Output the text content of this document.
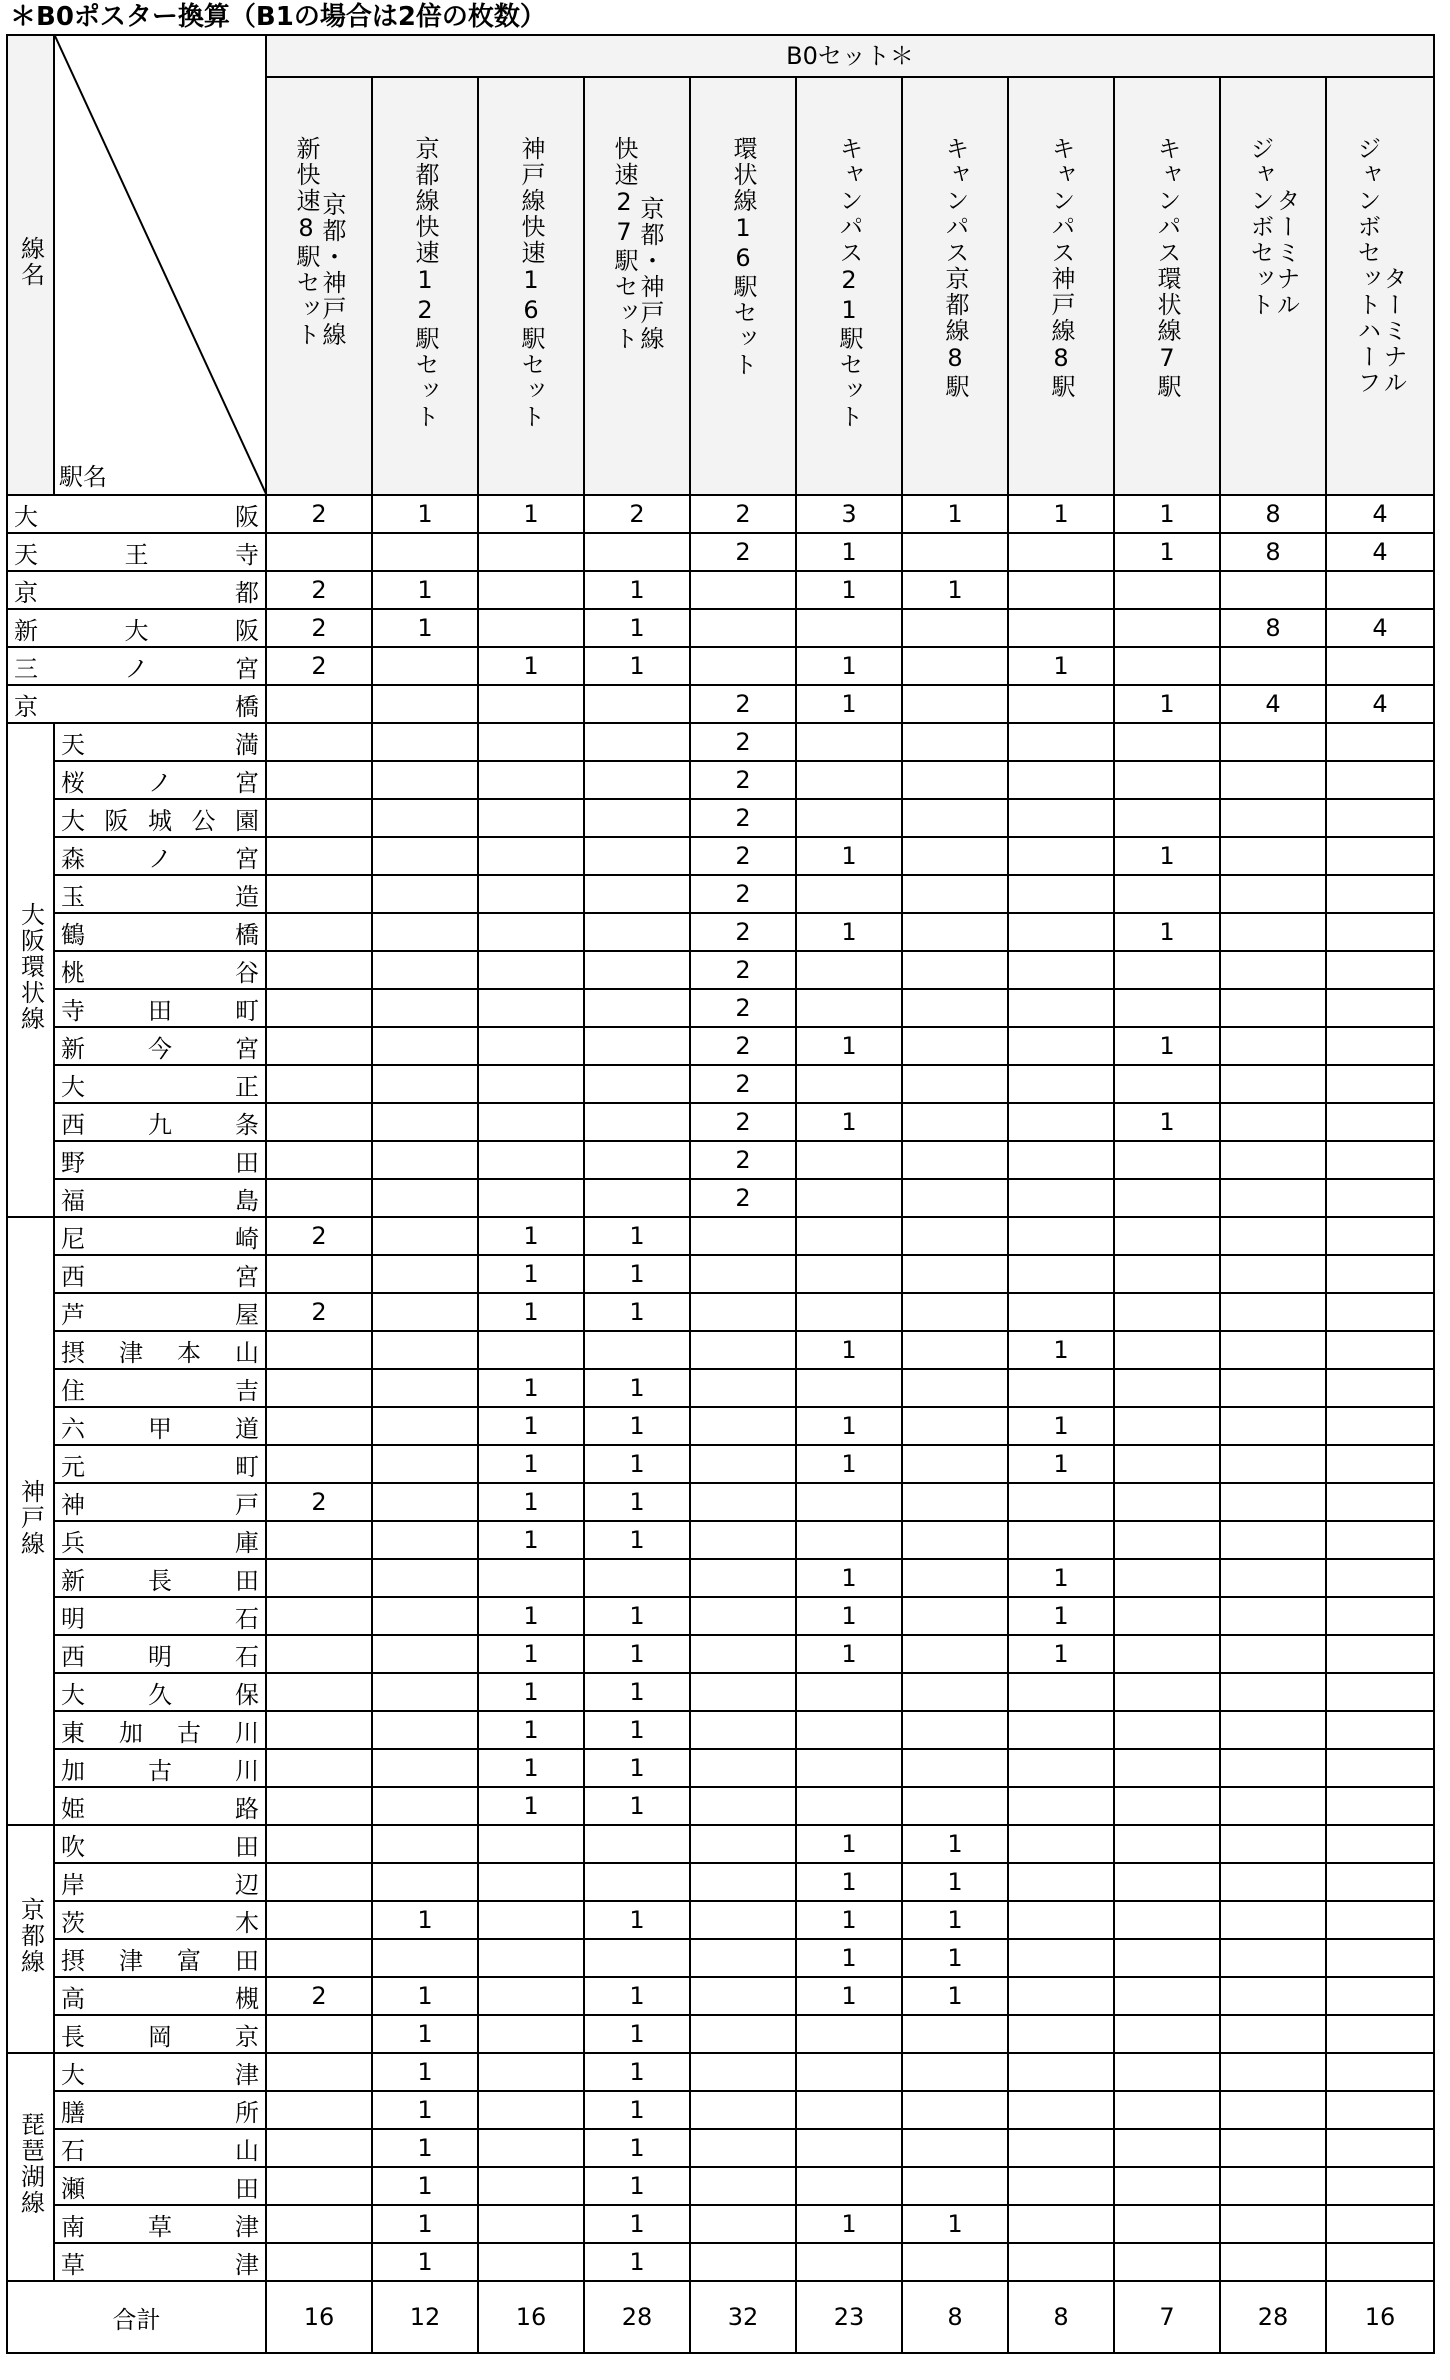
＊B0ポスター換算（B1の場合は2倍の枚数）
線名	駅名	B0セット＊										
		新快速8駅セット京都・神戸線	京都線快速12駅セット	神戸線快速16駅セット	快速27駅セット京都・神戸線	環状線16駅セット	キャンパス21駅セット	キャンパス京都線8駅	キャンパス神戸線8駅	キャンパス環状線7駅	ジャンボセットターミナル	ジャンボセットハーフターミナル

大 阪		2	1	1	2	2	3	1	1	1	8	4

天 王 寺						2	1			1	8	4

京 都		2	1		1		1	1				

新 大 阪		2	1		1						8	4

三 ノ 宮		2		1	1		1		1			

京 橋						2	1			1	4	4
大阪環状線	天 満					2						

	桜 ノ 宮					2						

	大 阪 城 公 園					2						

	森 ノ 宮					2	1			1		

	玉 造					2						

	鶴 橋					2	1			1		

	桃 谷					2						

	寺 田 町					2						

	新 今 宮					2	1			1		

	大 正					2						

	西 九 条					2	1			1		

	野 田					2						

	福 島					2						
神戸線	尼 崎	2		1	1							

	西 宮			1	1							

	芦 屋	2		1	1							

	摂 津 本 山						1		1			

	住 吉			1	1							

	六 甲 道			1	1		1		1			

	元 町			1	1		1		1			

	神 戸	2		1	1							

	兵 庫			1	1							

	新 長 田						1		1			

	明 石			1	1		1		1			

	西 明 石			1	1		1		1			

	大 久 保			1	1							

	東 加 古 川			1	1							

	加 古 川			1	1							

	姫 路			1	1							
京都線	吹 田						1	1				

	岸 辺						1	1				

	茨 木		1		1		1	1				

	摂 津 富 田						1	1				

	高 槻	2	1		1		1	1				

	長 岡 京		1		1							
琵琶湖線	大 津		1		1							

	膳 所		1		1							

	石 山		1		1							

	瀬 田		1		1							

	南 草 津		1		1		1	1				

	草 津		1		1							
合計		16	12	16	28	32	23	8	8	7	28	16
